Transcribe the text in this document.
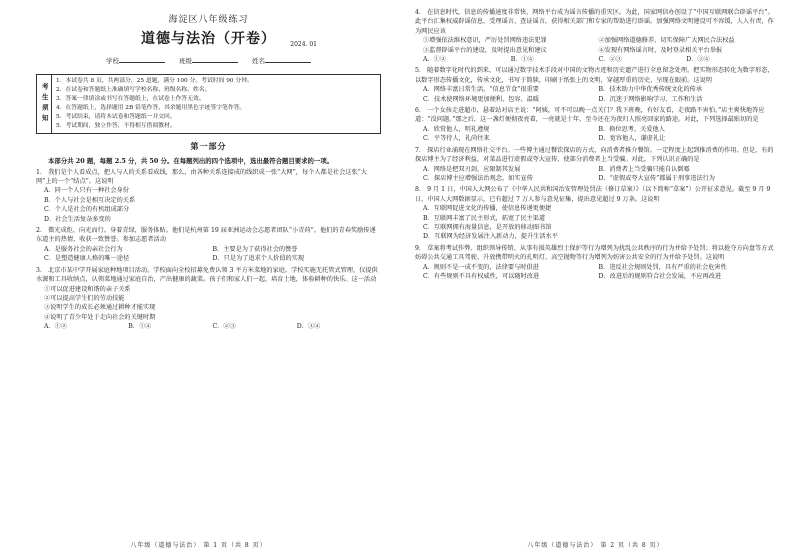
海淀区八年级练习
道德与法治（开卷） 2024. 01
学校	班级	姓名
考生须知
1．本试卷共 8 页，共两部分，25 道题，满分 100 分。考试时间 90 分钟。
2．在试卷和答题纸上准确填写学校名称、班级名称、姓名。
3．答案一律填涂或书写在答题纸上，在试卷上作答无效。
4．在答题纸上，选择题用 2B 铅笔作答，其余题用黑色字迹签字笔作答。
5．考试结束，请将本试卷和答题纸一并交回。
5．考试期间，独立作答，不得相互借阅教材。
第一部分
本部分共 20 题，每题 2.5 分，共 50 分。在每题列出的四个选项中，选出最符合题目要求的一项。
1． 我们是个人看成点，把人与人的关系看成线，那么，由各种关系连接成的线织成一张“大网”，每个人都是社会这张“大网”上的一个“结点”。这说明
A．同一个人只有一种社会身份
B．个人与社会是相互决定的关系
C．个人是社会的有机组成部分
D．社会生活复杂多变的
2． 微光成炬，向光而行。身着青绿，服务体贴。他们是杭州第 19 届亚洲运动会志愿者团队“小青荷”。他们的青春奖励传递东道主的热情，收获一致赞誉。参加志愿者活动
A．是服务社会的亲社会行为	B．主要是为了获得社会的赞誉
C．是塑造健康人格的唯一途径	D．只是为了追求个人价值的实现
3． 北京市某中学开展家庭种地项目活动。学校面向全校招募免费认领 3 平方米菜地的家庭。学校实施无托管式管理，仅提供水源和工具收纳点，认领菜地通过家庭自治，产出健康的蔬菜。孩子们和家人们一起，培育土地，体验耕种的快乐。这一活动
①可以促进建设和谐的亲子关系
②可以提高学生们的劳动技能
③说明学生的成长必须通过耕种才能实现
④说明了青少年处于走向社会的关键时期
A．①②	B．①④	C．②③	D．③④
八年级（道德与法治） 第 1 页（共 8 页）
4． 在信息时代，信息的传播速度非常快，网络平台成为谣言传播的重灾区。为此，国家网信办创设了“中国互联网联合辟谣平台”。此平台汇集权威辟谣信息，受理谣言、查证谣言，获得相关部门和专家的帮助进行辟谣。加强网络文明建设可不容缓，人人有责，作为网民应该
①增强依法维权意识，严厉处罚网络违法犯罪	②加强网络道德修养，切实保障广大网民合法权益
③监督辟谣平台的建设，及时提出意见和建议	④发现有网络谣言时，及时登录相关平台举报
A．①②	B．①④	C．②③	D．③④
5． 随着数字化时代的到来，可以通过数字技术手段对中国的文物古迹和历史遗产进行全息留念处理。把实物形态转化为数字形态，以数字形态传播文化，传承文化，书写于简牍，印刷于纸张上的文明，穿越厚重的历史，呈现在眼前。这说明
A．网络丰富日常生活，“信息节食”很重要	B．技术助力中华优秀传统文化的传承
C．技术使网络环境更加便利、包容、温暖	D．沉迷于网络影响学习、工作和生活
6． 一个女孩走进超市，悬着站对店主说：“阿姨，可不可以晚一点关门？我下班晚，有好友看，走夜路不害怕。”店主爽快地答应道：“没问题。”那之后，这一盏灯便彻夜亮着，一亮就是十年，至今还在为夜归人照亮回家的路途。对此，下列选择最贴切的是
A．欣赏他人，明礼遵规	B．换位思考，关爱他人
C．平等待人，礼尚往来	D．宽容他人，谦虚礼让
7． 探店行业涌现在网络社交平台。一些博主通过餐饮探店的方式，向消费者推介餐馆。一定程度上起到推消费的作用。但是，有的探店博主为了经济利益，对菜品进行虚假或夸大宣传，使部分消费者上当受骗。对此，下列认识正确的是
A．网络是把双刃剑，应限制其发展	B．消费者上当受骗只能自认倒霉
C．探店博主应增强法治观念，如实宣传	D．“虚假或夸大宣传”都属于刑事违法行为
8． 9 月 1 日，中国人大网公布了《中华人民共和国治安管理处罚法（修订草案）》（以下简称“草案”）公开征求意见。截至 9 月 9 日，中国人大网数据显示，已有超过 7 万人参与意见征集，提出意见超过 9 万条。这说明
A．互联网促进文化的传播，使信息传递更便捷
B．互联网丰富了民主形式，拓宽了民主渠道
C．互联网拥有海量信息，是开放的移动图书馆
D．互联网为经济发展注入新动力，提升生活水平
9． 草案将考试作弊、组织领导传销、从事有损英雄烈士保护等行为增列为扰乱公共秩序的行为并给予处罚；将以抢夺方向盘等方式妨碍公共交通工具驾驶、升放携带明火的孔明灯、高空抛物等行为增列为妨害公共安全的行为并给予处罚。这说明
A．规则不是一成不变的，法律要与时俱进	B．违反社会规则处罚，具有严重的社会危害性
C．有些规则不具有权威性，可以随时改进	D．改进后的规则符合社会发展，不应再改进
八年级（道德与法治） 第 2 页（共 8 页）
